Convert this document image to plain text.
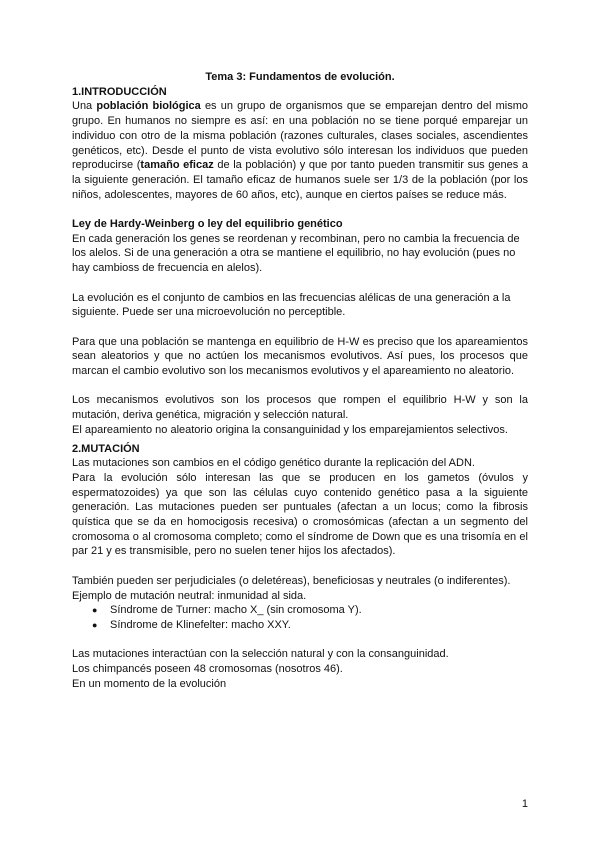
Tema 3: Fundamentos de evolución.

1.INTRODUCCIÓN

Una población biológica es un grupo de organismos que se emparejan dentro del mismo grupo. En humanos no siempre es así: en una población no se tiene porqué emparejar un individuo con otro de la misma población (razones culturales, clases sociales, ascendientes genéticos, etc). Desde el punto de vista evolutivo sólo interesan los individuos que pueden reproducirse (tamaño eficaz de la población) y que por tanto pueden transmitir sus genes a la siguiente generación. El tamaño eficaz de humanos suele ser 1/3 de la población (por los niños, adolescentes, mayores de 60 años, etc), aunque en ciertos países se reduce más.

Ley de Hardy-Weinberg o ley del equilibrio genético

En cada generación los genes se reordenan y recombinan, pero no cambia la frecuencia de los alelos. Si de una generación a otra se mantiene el equilibrio, no hay evolución (pues no hay cambioss de frecuencia en alelos).

La evolución es el conjunto de cambios en las frecuencias alélicas de una generación a la siguiente. Puede ser una microevolución no perceptible.

Para que una población se mantenga en equilibrio de H-W es preciso que los apareamientos sean aleatorios y que no actúen los mecanismos evolutivos. Así pues, los procesos que marcan el cambio evolutivo son los mecanismos evolutivos y el apareamiento no aleatorio.

Los mecanismos evolutivos son los procesos que rompen el equilibrio H-W y son la mutación, deriva genética, migración y selección natural.

El apareamiento no aleatorio origina la consanguinidad y los emparejamientos selectivos.

2.MUTACIÓN

Las mutaciones son cambios en el código genético durante la replicación del ADN.

Para la evolución sólo interesan las que se producen en los gametos (óvulos y espermatozoides) ya que son las células cuyo contenido genético pasa a la siguiente generación. Las mutaciones pueden ser puntuales (afectan a un locus; como la fibrosis quística que se da en homocigosis recesiva) o cromosómicas (afectan a un segmento del cromosoma o al cromosoma completo; como el síndrome de Down que es una trisomía en el par 21 y es transmisible, pero no suelen tener hijos los afectados).

También pueden ser perjudiciales (o deletéreas), beneficiosas y neutrales (o indiferentes).

Ejemplo de mutación neutral: inmunidad al sida.

● Síndrome de Turner: macho X_ (sin cromosoma Y).
● Síndrome de Klinefelter: macho XXY.

Las mutaciones interactúan con la selección natural y con la consanguinidad.

Los chimpancés poseen 48 cromosomas (nosotros 46).

En un momento de la evolución

1
